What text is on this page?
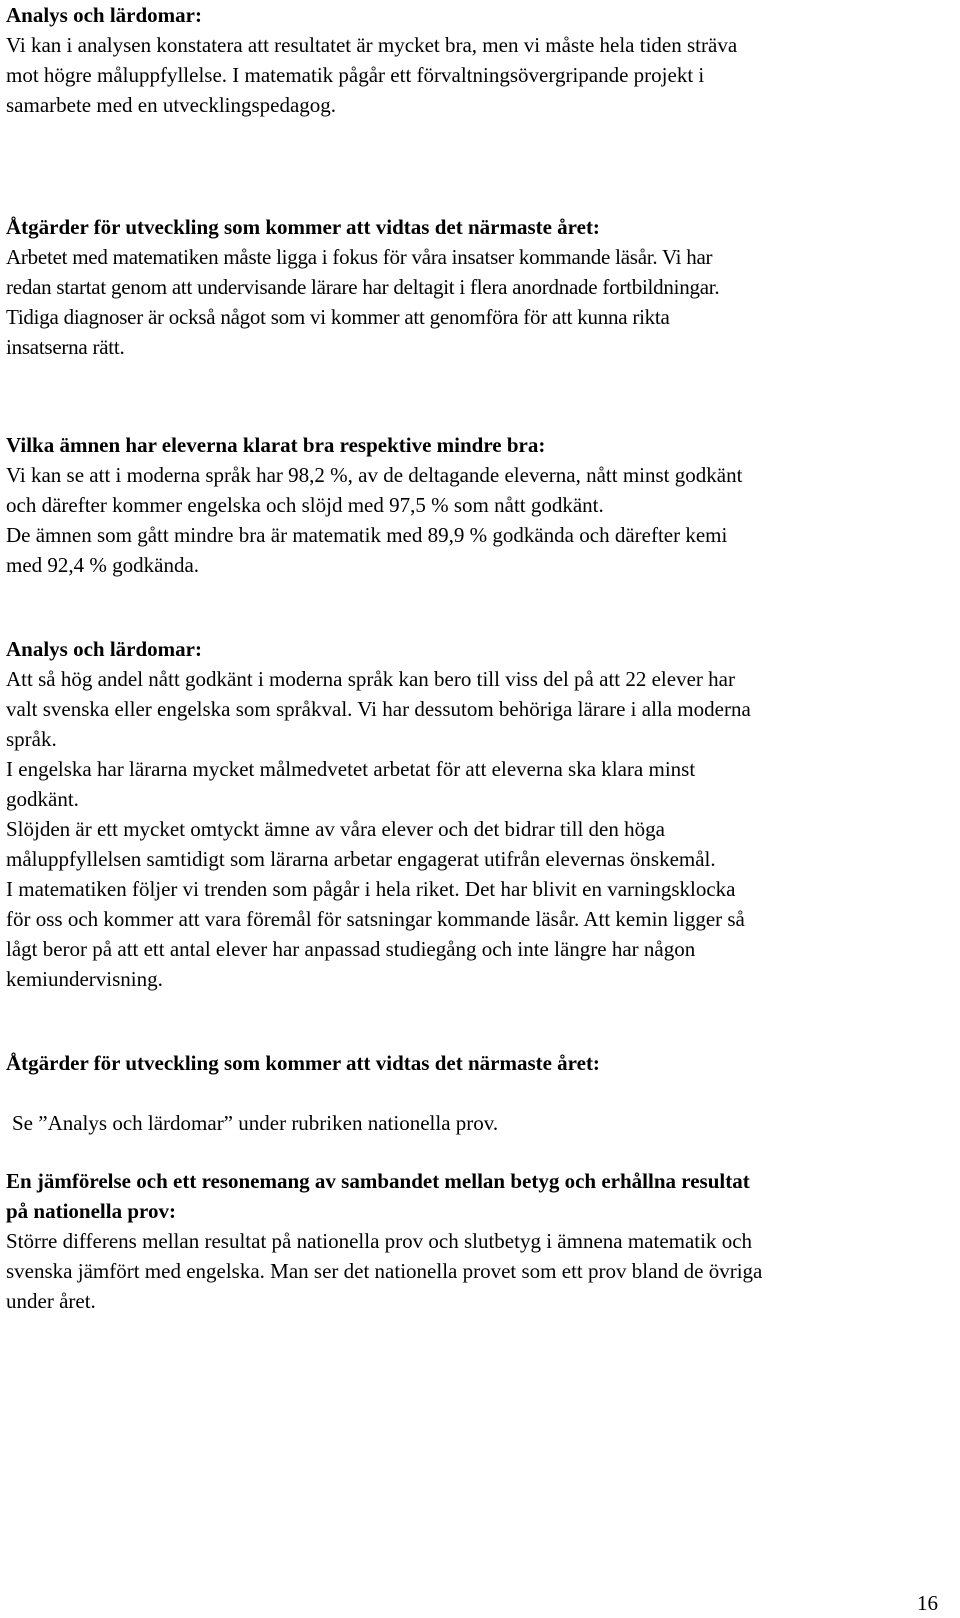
Analys och lärdomar:

Vi kan i analysen konstatera att resultatet är mycket bra, men vi måste hela tiden sträva

mot högre måluppfyllelse. I matematik pågår ett förvaltningsövergripande projekt i

samarbete med en utvecklingspedagog.

Åtgärder för utveckling som kommer att vidtas det närmaste året:

Arbetet med matematiken måste ligga i fokus för våra insatser kommande läsår. Vi har

redan startat genom att undervisande lärare har deltagit i flera anordnade fortbildningar.

Tidiga diagnoser är också något som vi kommer att genomföra för att kunna rikta

insatserna rätt.

Vilka ämnen har eleverna klarat bra respektive mindre bra:

Vi kan se att i moderna språk har 98,2 %, av de deltagande eleverna, nått minst godkänt

och därefter kommer engelska och slöjd med 97,5 % som nått godkänt.

De ämnen som gått mindre bra är matematik med 89,9 % godkända och därefter kemi

med 92,4 % godkända.

Analys och lärdomar:

Att så hög andel nått godkänt i moderna språk kan bero till viss del på att 22 elever har

valt svenska eller engelska som språkval. Vi har dessutom behöriga lärare i alla moderna

språk.

I engelska har lärarna mycket målmedvetet arbetat för att eleverna ska klara minst

godkänt.

Slöjden är ett mycket omtyckt ämne av våra elever och det bidrar till den höga

måluppfyllelsen samtidigt som lärarna arbetar engagerat utifrån elevernas önskemål.

I matematiken följer vi trenden som pågår i hela riket. Det har blivit en varningsklocka

för oss och kommer att vara föremål för satsningar kommande läsår. Att kemin ligger så

lågt beror på att ett antal elever har anpassad studiegång och inte längre har någon

kemiundervisning.

Åtgärder för utveckling som kommer att vidtas det närmaste året:

Se ”Analys och lärdomar” under rubriken nationella prov.

En jämförelse och ett resonemang av sambandet mellan betyg och erhållna resultat

på nationella prov:

Större differens mellan resultat på nationella prov och slutbetyg i ämnena matematik och

svenska jämfört med engelska. Man ser det nationella provet som ett prov bland de övriga

under året.

16
